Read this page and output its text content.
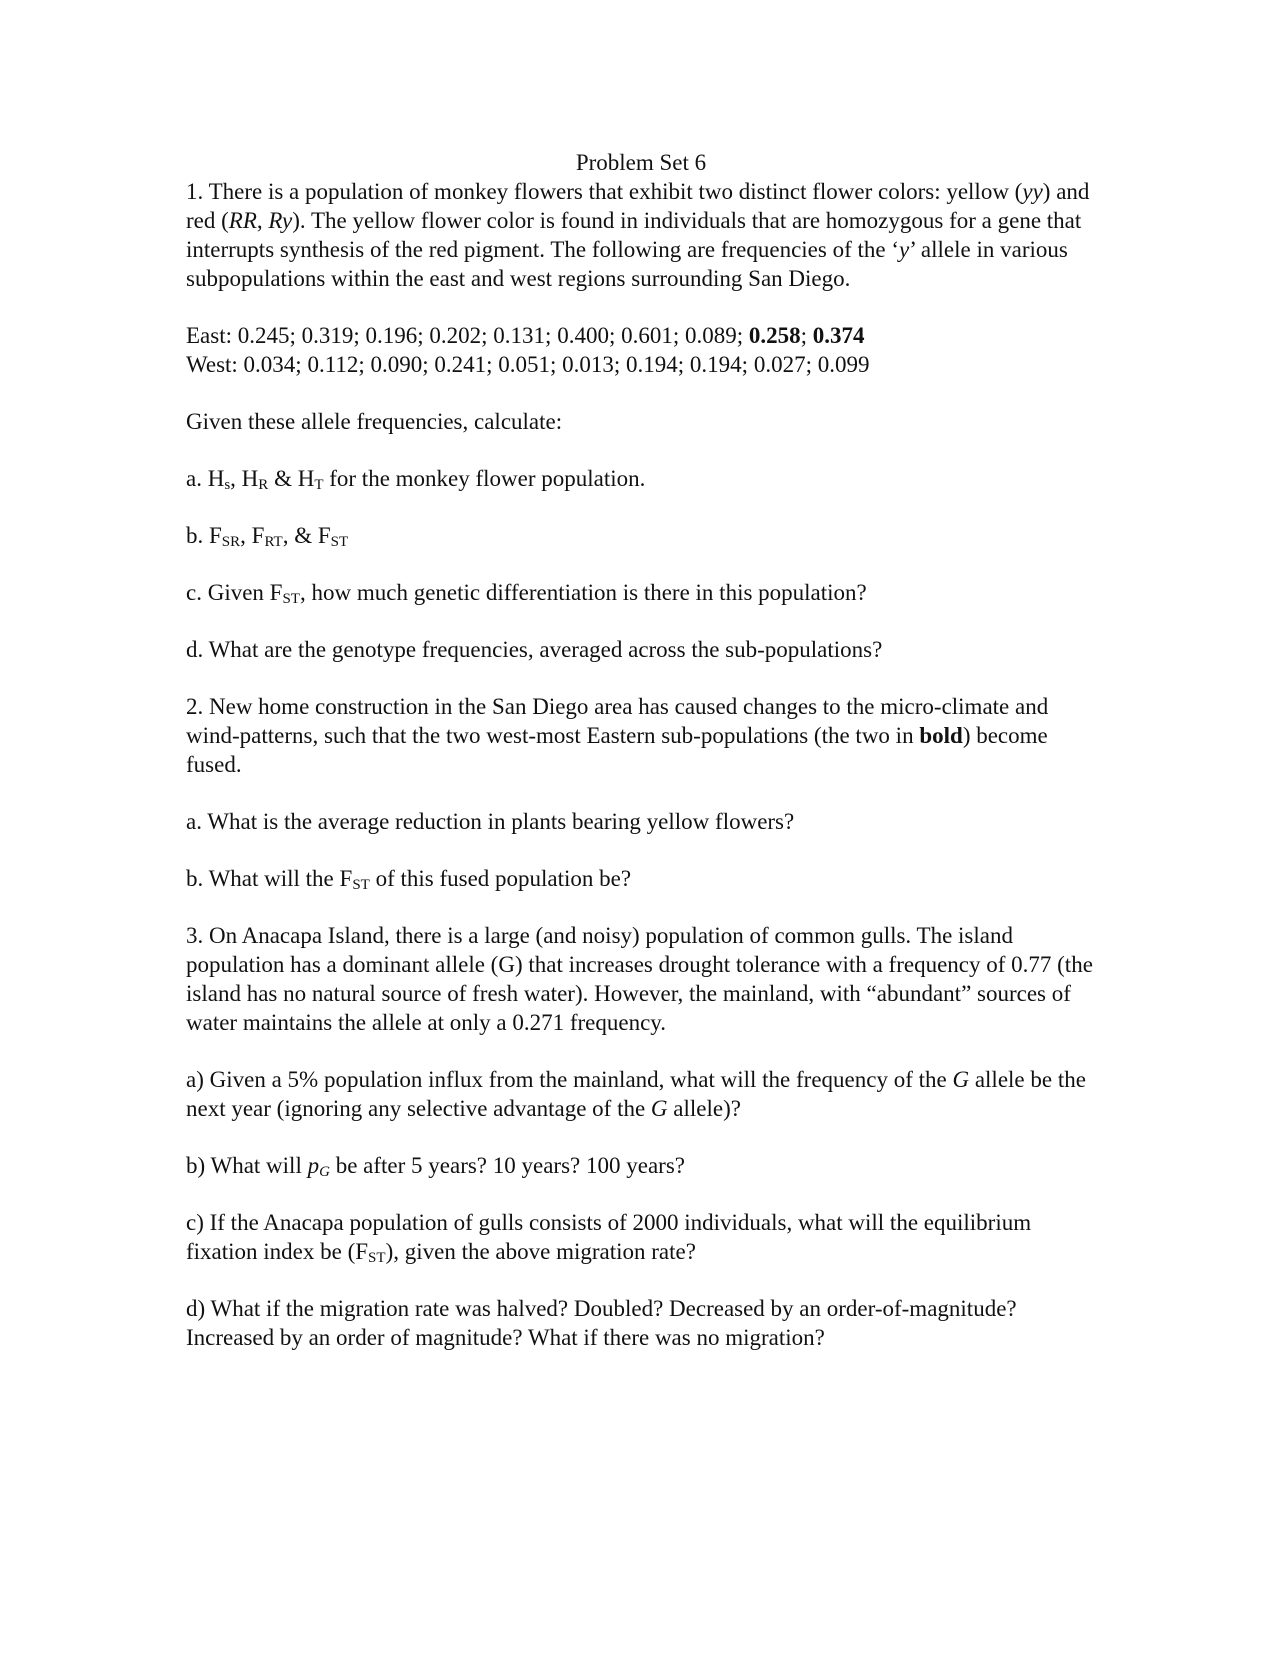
Problem Set 6

1. There is a population of monkey flowers that exhibit two distinct flower colors: yellow (yy) and red (RR, Ry). The yellow flower color is found in individuals that are homozygous for a gene that interrupts synthesis of the red pigment. The following are frequencies of the ‘y’ allele in various subpopulations within the east and west regions surrounding San Diego.

East: 0.245; 0.319; 0.196; 0.202; 0.131; 0.400; 0.601; 0.089; 0.258; 0.374

West: 0.034; 0.112; 0.090; 0.241; 0.051; 0.013; 0.194; 0.194; 0.027; 0.099

Given these allele frequencies, calculate:

a. $H_s$, $H_R$ & $H_T$ for the monkey flower population.

b. $F_{SR}$, $F_{RT}$, & $F_{ST}$

c. Given $F_{ST}$, how much genetic differentiation is there in this population?

d. What are the genotype frequencies, averaged across the sub-populations?

2. New home construction in the San Diego area has caused changes to the micro-climate and wind-patterns, such that the two west-most Eastern sub-populations (the two in bold) become fused.

a. What is the average reduction in plants bearing yellow flowers?

b. What will the $F_{ST}$ of this fused population be?

3. On Anacapa Island, there is a large (and noisy) population of common gulls. The island population has a dominant allele (G) that increases drought tolerance with a frequency of 0.77 (the island has no natural source of fresh water). However, the mainland, with “abundant” sources of water maintains the allele at only a 0.271 frequency.

a) Given a 5% population influx from the mainland, what will the frequency of the G allele be the next year (ignoring any selective advantage of the G allele)?

b) What will $p_G$ be after 5 years? 10 years? 100 years?

c) If the Anacapa population of gulls consists of 2000 individuals, what will the equilibrium fixation index be $(F_{ST})$, given the above migration rate?

d) What if the migration rate was halved? Doubled? Decreased by an order-of-magnitude? Increased by an order of magnitude? What if there was no migration?
